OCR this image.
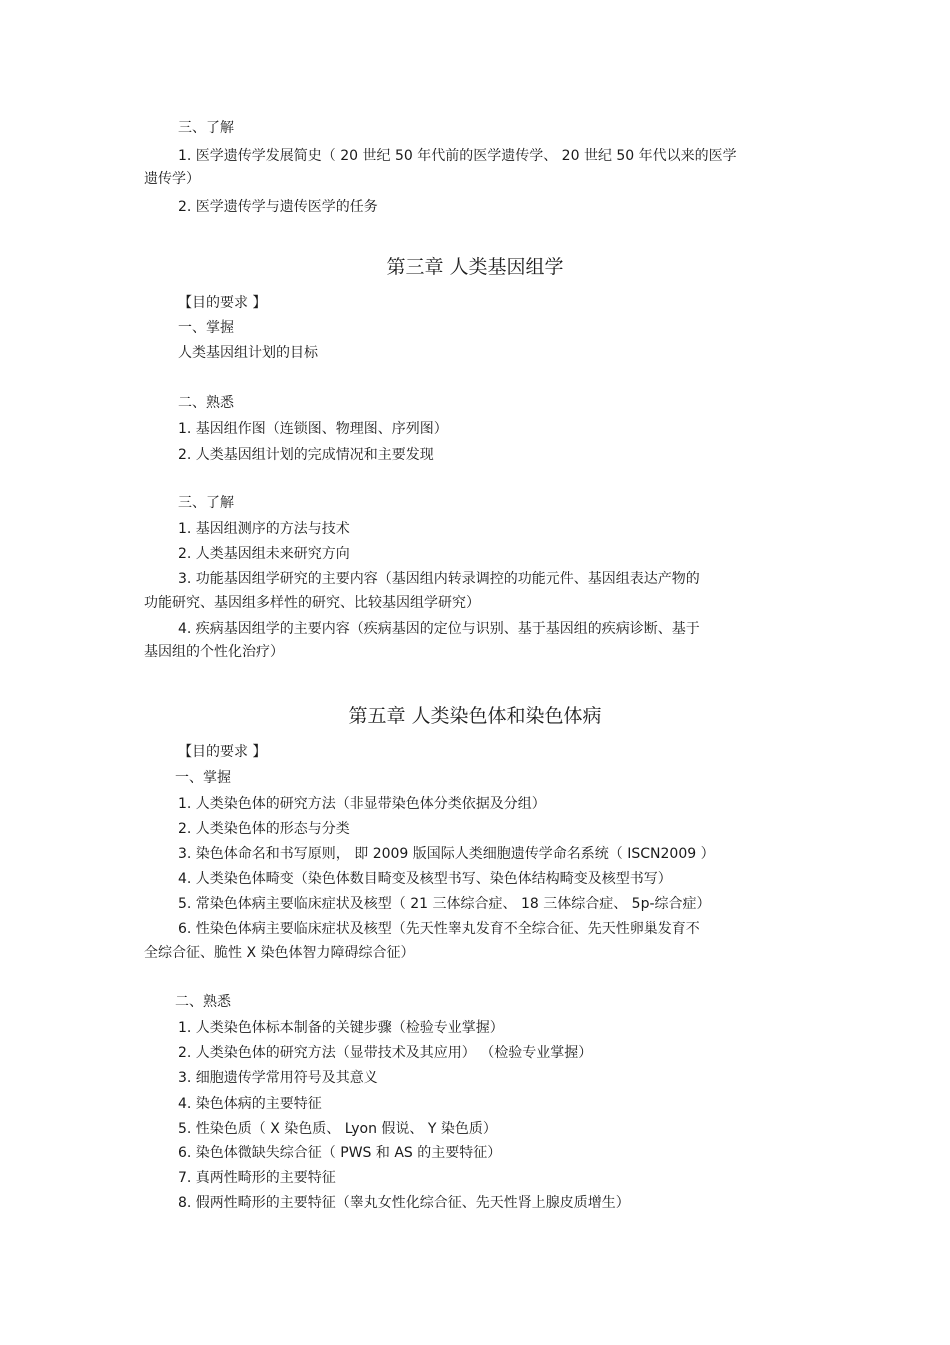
三、了解
1. 医学遗传学发展简史（ 20 世纪 50 年代前的医学遗传学、 20 世纪 50 年代以来的医学
遗传学）
2. 医学遗传学与遗传医学的任务
第三章 人类基因组学
【目的要求 】
一、掌握
人类基因组计划的目标
二、熟悉
1. 基因组作图（连锁图、物理图、序列图）
2. 人类基因组计划的完成情况和主要发现
三、了解
1. 基因组测序的方法与技术
2. 人类基因组未来研究方向
3. 功能基因组学研究的主要内容（基因组内转录调控的功能元件、基因组表达产物的
功能研究、基因组多样性的研究、比较基因组学研究）
4. 疾病基因组学的主要内容（疾病基因的定位与识别、基于基因组的疾病诊断、基于
基因组的个性化治疗）
第五章 人类染色体和染色体病
【目的要求 】
一、掌握
1. 人类染色体的研究方法（非显带染色体分类依据及分组）
2. 人类染色体的形态与分类
3. 染色体命名和书写原则， 即 2009 版国际人类细胞遗传学命名系统（ ISCN2009 ）
4. 人类染色体畸变（染色体数目畸变及核型书写、染色体结构畸变及核型书写）
5. 常染色体病主要临床症状及核型（ 21 三体综合症、 18 三体综合症、 5p-综合症）
6. 性染色体病主要临床症状及核型（先天性睾丸发育不全综合征、先天性卵巢发育不
全综合征、脆性 X 染色体智力障碍综合征）
二、熟悉
1. 人类染色体标本制备的关键步骤（检验专业掌握）
2. 人类染色体的研究方法（显带技术及其应用） （检验专业掌握）
3. 细胞遗传学常用符号及其意义
4. 染色体病的主要特征
5. 性染色质（ X 染色质、 Lyon 假说、 Y 染色质）
6. 染色体微缺失综合征（ PWS 和 AS 的主要特征）
7. 真两性畸形的主要特征
8. 假两性畸形的主要特征（睾丸女性化综合征、先天性肾上腺皮质增生）
